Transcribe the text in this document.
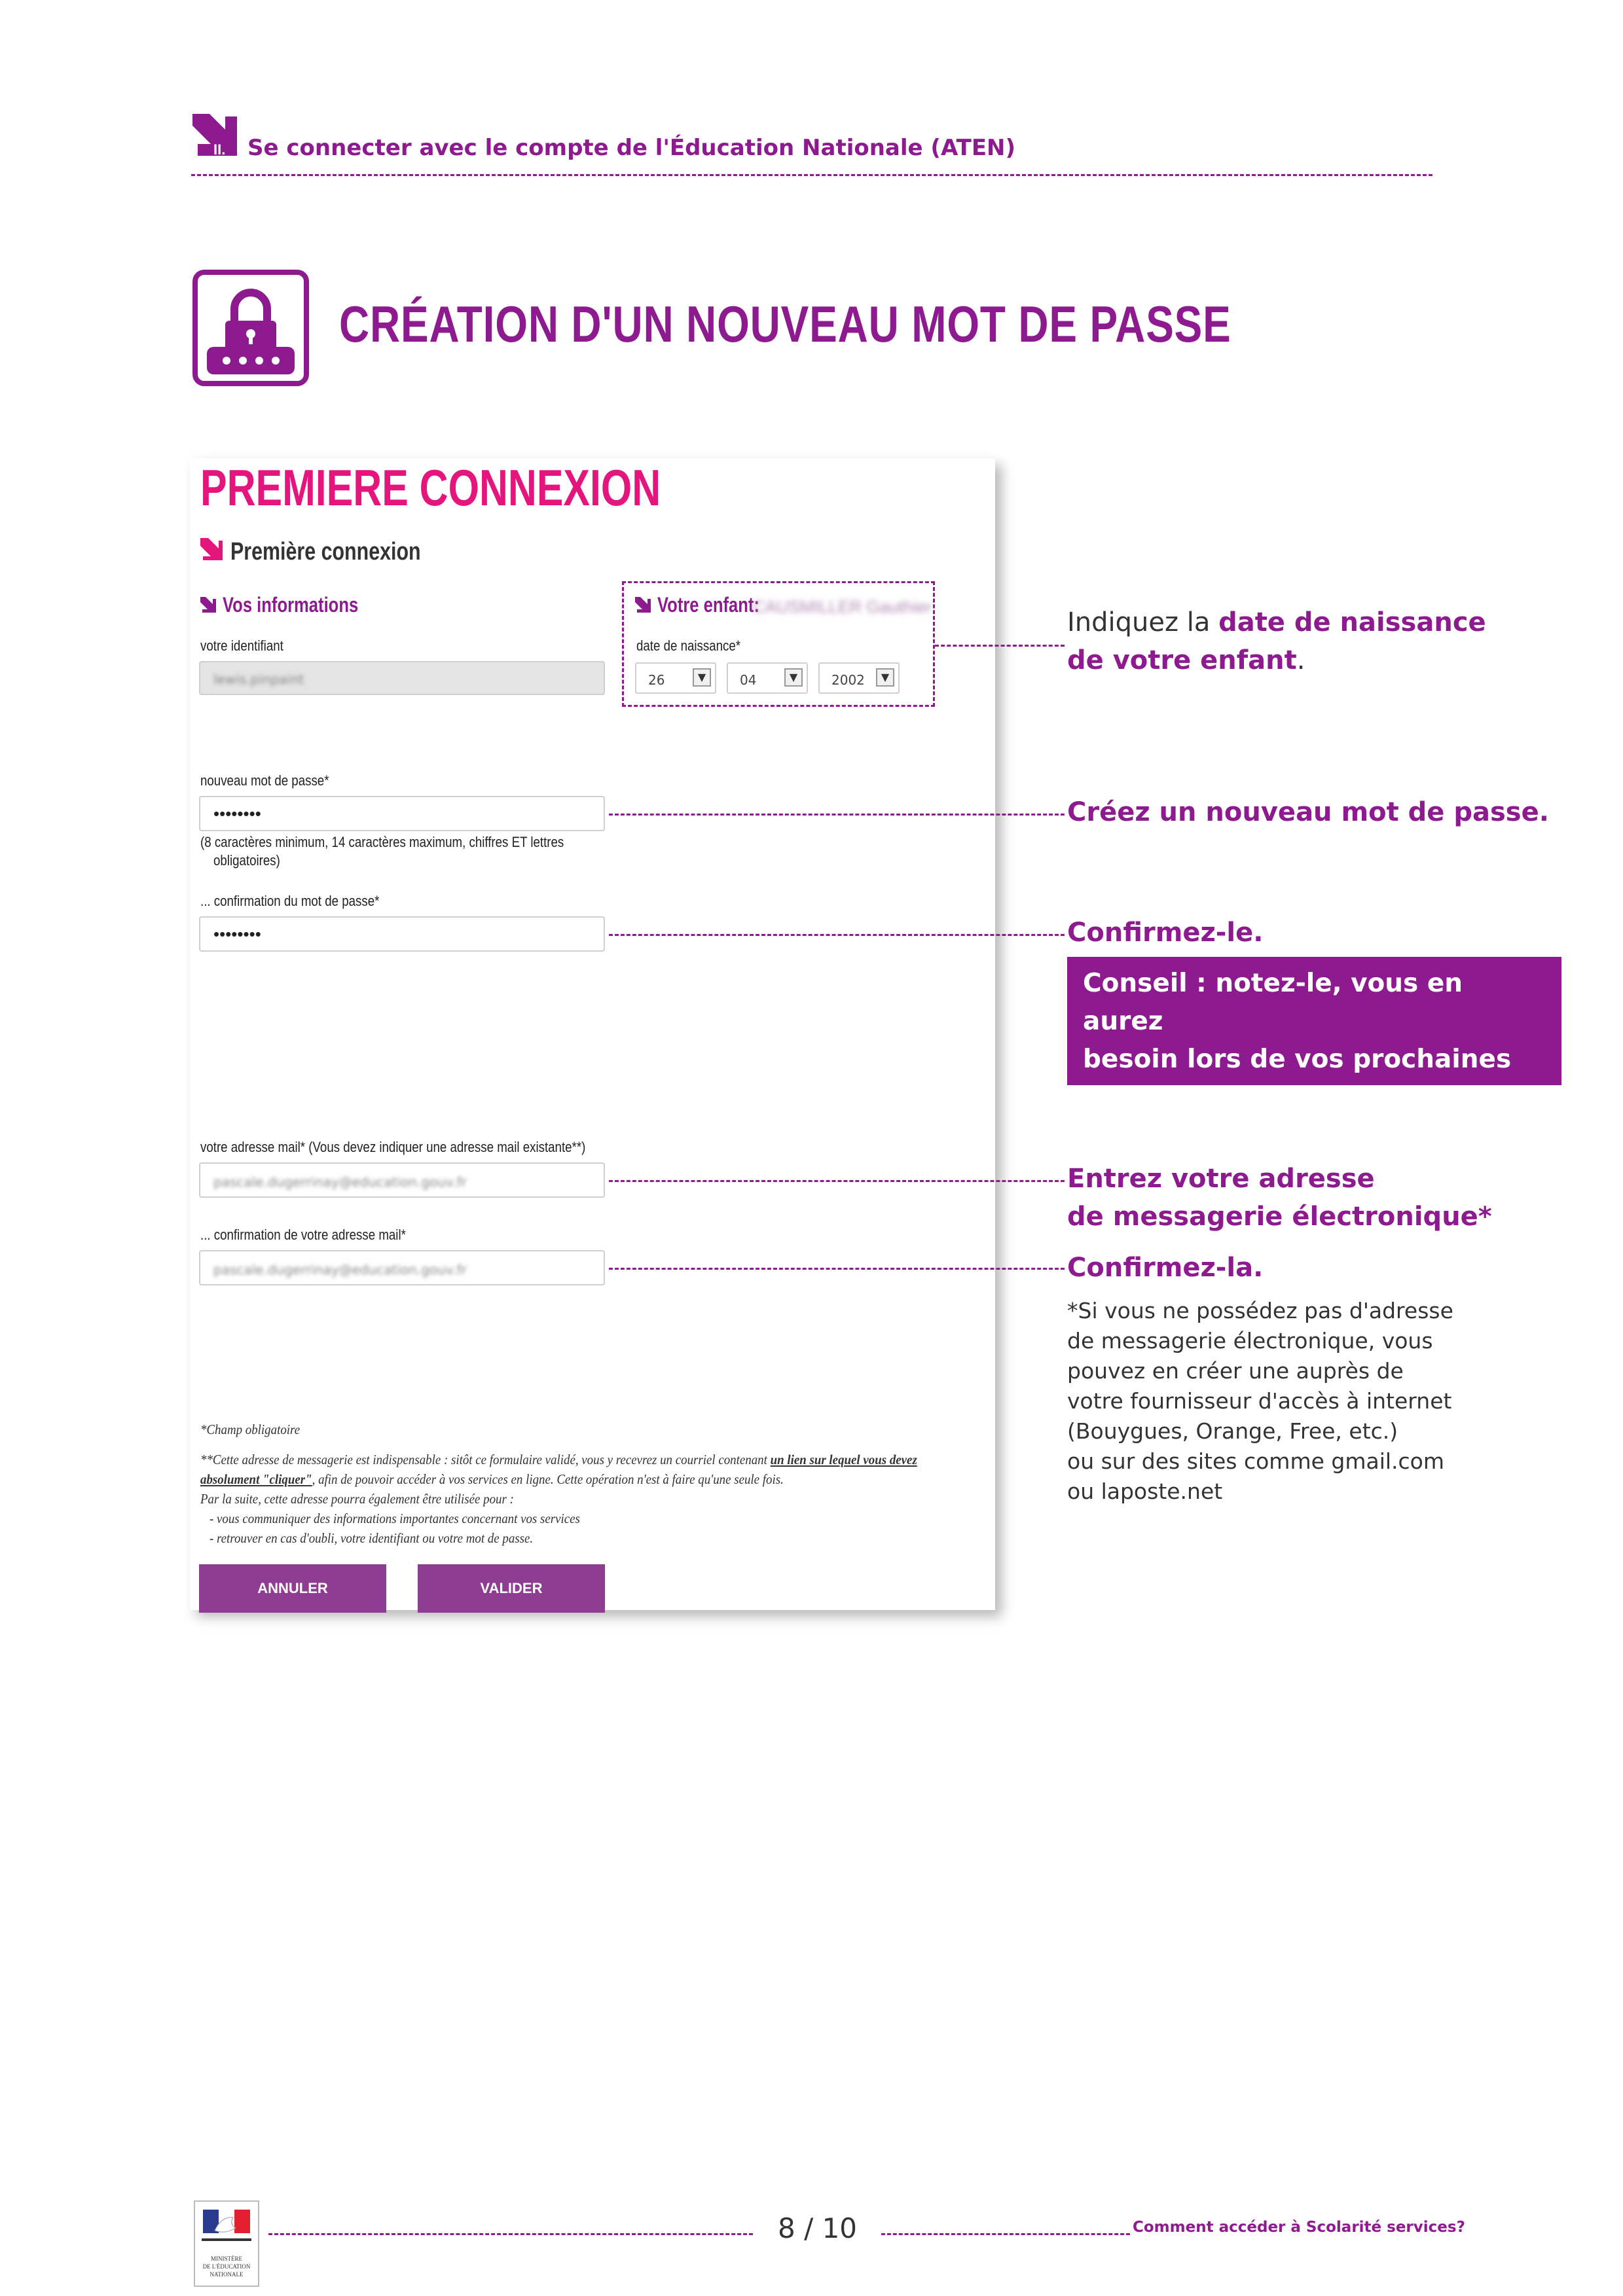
II. Se connecter avec le compte de l'Éducation Nationale (ATEN)
CRÉATION D'UN NOUVEAU MOT DE PASSE
PREMIERE CONNEXION
Première connexion
Vos informations
votre identifiant
lewis.pinpaint
Votre enfant:
CAUSMILLER Gauthier
date de naissance*
26	▼	04	▼	2002	▼
nouveau mot de passe*
••••••••
(8 caractères minimum, 14 caractères maximum, chiffres ET lettres
obligatoires)
... confirmation du mot de passe*
••••••••
votre adresse mail* (Vous devez indiquer une adresse mail existante**)
pascale.dugerrinay@education.gouv.fr
... confirmation de votre adresse mail*
pascale.dugerrinay@education.gouv.fr
*Champ obligatoire
**Cette adresse de messagerie est indispensable : sitôt ce formulaire validé, vous y recevrez un courriel contenant un lien sur lequel vous devez
absolument "cliquer", afin de pouvoir accéder à vos services en ligne. Cette opération n'est à faire qu'une seule fois.
Par la suite, cette adresse pourra également être utilisée pour :
- vous communiquer des informations importantes concernant vos services
- retrouver en cas d'oubli, votre identifiant ou votre mot de passe.
ANNULER	VALIDER
Indiquez la date de naissance
de votre enfant.
Créez un nouveau mot de passe.
Confirmez-le.
Conseil : notez-le, vous en aurez
besoin lors de vos prochaines
connexions.
Entrez votre adresse
de messagerie électronique*
Confirmez-la.
*Si vous ne possédez pas d'adresse
de messagerie électronique, vous
pouvez en créer une auprès de
votre fournisseur d'accès à internet
(Bouygues, Orange, Free, etc.)
ou sur des sites comme gmail.com
ou laposte.net
MINISTÈRE
DE L'ÉDUCATION
NATIONALE
8 / 10	Comment accéder à Scolarité services?
